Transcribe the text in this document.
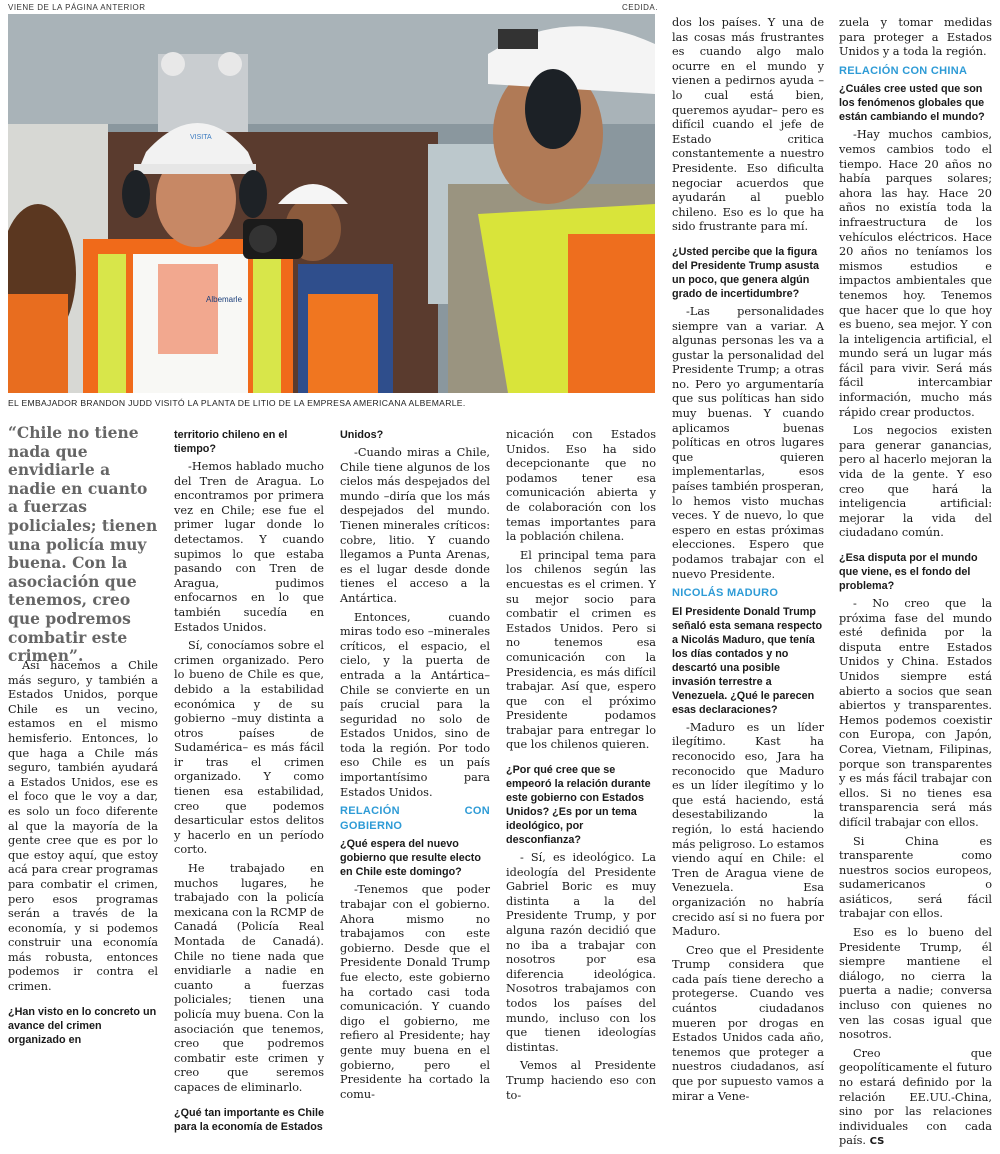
VIENE DE LA PÁGINA ANTERIOR	CEDIDA.
VISITA
Albemarle
EL EMBAJADOR BRANDON JUDD VISITÓ LA PLANTA DE LITIO DE LA EMPRESA AMERICANA ALBEMARLE.
“Chile no tiene nada que envidiarle a nadie en cuanto a fuerzas policiales; tienen una policía muy buena. Con la asociación que tenemos, creo que podremos combatir este crimen”.

Así hacemos a Chile más seguro, y también a Estados Unidos, porque Chile es un vecino, estamos en el mismo hemisferio. Entonces, lo que haga a Chile más seguro, también ayudará a Estados Unidos, ese es el foco que le voy a dar, es solo un foco diferente al que la mayoría de la gente cree que es por lo que estoy aquí, que estoy acá para crear programas para combatir el crimen, pero esos programas serán a través de la economía, y si podemos construir una economía más robusta, entonces podemos ir contra el crimen.

¿Han visto en lo concreto un avance del crimen organizado en

territorio chileno en el tiempo?

-Hemos hablado mucho del Tren de Aragua. Lo encontramos por primera vez en Chile; ese fue el primer lugar donde lo detectamos. Y cuando supimos lo que estaba pasando con Tren de Aragua, pudimos enfocarnos en lo que también sucedía en Estados Unidos.

Sí, conocíamos sobre el crimen organizado. Pero lo bueno de Chile es que, debido a la estabilidad económica y de su gobierno –muy distinta a otros países de Sudamérica– es más fácil ir tras el crimen organizado. Y como tienen esa estabilidad, creo que podemos desarticular estos delitos y hacerlo en un período corto.

He trabajado en muchos lugares, he trabajado con la policía mexicana con la RCMP de Canadá (Policía Real Montada de Canadá). Chile no tiene nada que envidiarle a nadie en cuanto a fuerzas policiales; tienen una policía muy buena. Con la asociación que tenemos, creo que podremos combatir este crimen y creo que seremos capaces de eliminarlo.

¿Qué tan importante es Chile para la economía de Estados

Unidos?

-Cuando miras a Chile, Chile tiene algunos de los cielos más despejados del mundo –diría que los más despejados del mundo. Tienen minerales críticos: cobre, litio. Y cuando llegamos a Punta Arenas, es el lugar desde donde tienes el acceso a la Antártica.

Entonces, cuando miras todo eso –minerales críticos, el espacio, el cielo, y la puerta de entrada a la Antártica– Chile se convierte en un país crucial para la seguridad no solo de Estados Unidos, sino de toda la región. Por todo eso Chile es un país importantísimo para Estados Unidos.

RELACIÓN CON GOBIERNO

¿Qué espera del nuevo gobierno que resulte electo en Chile este domingo?

-Tenemos que poder trabajar con el gobierno. Ahora mismo no trabajamos con este gobierno. Desde que el Presidente Donald Trump fue electo, este gobierno ha cortado casi toda comunicación. Y cuando digo el gobierno, me refiero al Presidente; hay gente muy buena en el gobierno, pero el Presidente ha cortado la comu-

nicación con Estados Unidos. Eso ha sido decepcionante que no podamos tener esa comunicación abierta y de colaboración con los temas importantes para la población chilena.

El principal tema para los chilenos según las encuestas es el crimen. Y su mejor socio para combatir el crimen es Estados Unidos. Pero si no tenemos esa comunicación con la Presidencia, es más difícil trabajar. Así que, espero que con el próximo Presidente podamos trabajar para entregar lo que los chilenos quieren.

¿Por qué cree que se empeoró la relación durante este gobierno con Estados Unidos? ¿Es por un tema ideológico, por desconfianza?

- Sí, es ideológico. La ideología del Presidente Gabriel Boric es muy distinta a la del Presidente Trump, y por alguna razón decidió que no iba a trabajar con nosotros por esa diferencia ideológica. Nosotros trabajamos con todos los países del mundo, incluso con los que tienen ideologías distintas.

Vemos al Presidente Trump haciendo eso con to-

dos los países. Y una de las cosas más frustrantes es cuando algo malo ocurre en el mundo y vienen a pedirnos ayuda –lo cual está bien, queremos ayudar– pero es difícil cuando el jefe de Estado critica constantemente a nuestro Presidente. Eso dificulta negociar acuerdos que ayudarán al pueblo chileno. Eso es lo que ha sido frustrante para mí.

¿Usted percibe que la figura del Presidente Trump asusta un poco, que genera algún grado de incertidumbre?

-Las personalidades siempre van a variar. A algunas personas les va a gustar la personalidad del Presidente Trump; a otras no. Pero yo argumentaría que sus políticas han sido muy buenas. Y cuando aplicamos buenas políticas en otros lugares que quieren implementarlas, esos países también prosperan, lo hemos visto muchas veces. Y de nuevo, lo que espero en estas próximas elecciones. Espero que podamos trabajar con el nuevo Presidente.

NICOLÁS MADURO

El Presidente Donald Trump señaló esta semana respecto a Nicolás Maduro, que tenía los días contados y no descartó una posible invasión terrestre a Venezuela. ¿Qué le parecen esas declaraciones?

-Maduro es un líder ilegítimo. Kast ha reconocido eso, Jara ha reconocido que Maduro es un líder ilegítimo y lo que está haciendo, está desestabilizando la región, lo está haciendo más peligroso. Lo estamos viendo aquí en Chile: el Tren de Aragua viene de Venezuela. Esa organización no habría crecido así si no fuera por Maduro.

Creo que el Presidente Trump considera que cada país tiene derecho a protegerse. Cuando ves cuántos ciudadanos mueren por drogas en Estados Unidos cada año, tenemos que proteger a nuestros ciudadanos, así que por supuesto vamos a mirar a Vene-

zuela y tomar medidas para proteger a Estados Unidos y a toda la región.

RELACIÓN CON CHINA

¿Cuáles cree usted que son los fenómenos globales que están cambiando el mundo?

-Hay muchos cambios, vemos cambios todo el tiempo. Hace 20 años no había parques solares; ahora las hay. Hace 20 años no existía toda la infraestructura de los vehículos eléctricos. Hace 20 años no teníamos los mismos estudios e impactos ambientales que tenemos hoy. Tenemos que hacer que lo que hoy es bueno, sea mejor. Y con la inteligencia artificial, el mundo será un lugar más fácil para vivir. Será más fácil intercambiar información, mucho más rápido crear productos.

Los negocios existen para generar ganancias, pero al hacerlo mejoran la vida de la gente. Y eso creo que hará la inteligencia artificial: mejorar la vida del ciudadano común.

¿Esa disputa por el mundo que viene, es el fondo del problema?

- No creo que la próxima fase del mundo esté definida por la disputa entre Estados Unidos y China. Estados Unidos siempre está abierto a socios que sean abiertos y transparentes. Hemos podemos coexistir con Europa, con Japón, Corea, Vietnam, Filipinas, porque son transparentes y es más fácil trabajar con ellos. Si no tienes esa transparencia será más difícil trabajar con ellos.

Si China es transparente como nuestros socios europeos, sudamericanos o asiáticos, será fácil trabajar con ellos.

Eso es lo bueno del Presidente Trump, él siempre mantiene el diálogo, no cierra la puerta a nadie; conversa incluso con quienes no ven las cosas igual que nosotros.

Creo que geopolíticamente el futuro no estará definido por la relación EE.UU.-China, sino por las relaciones individuales con cada país. CS
